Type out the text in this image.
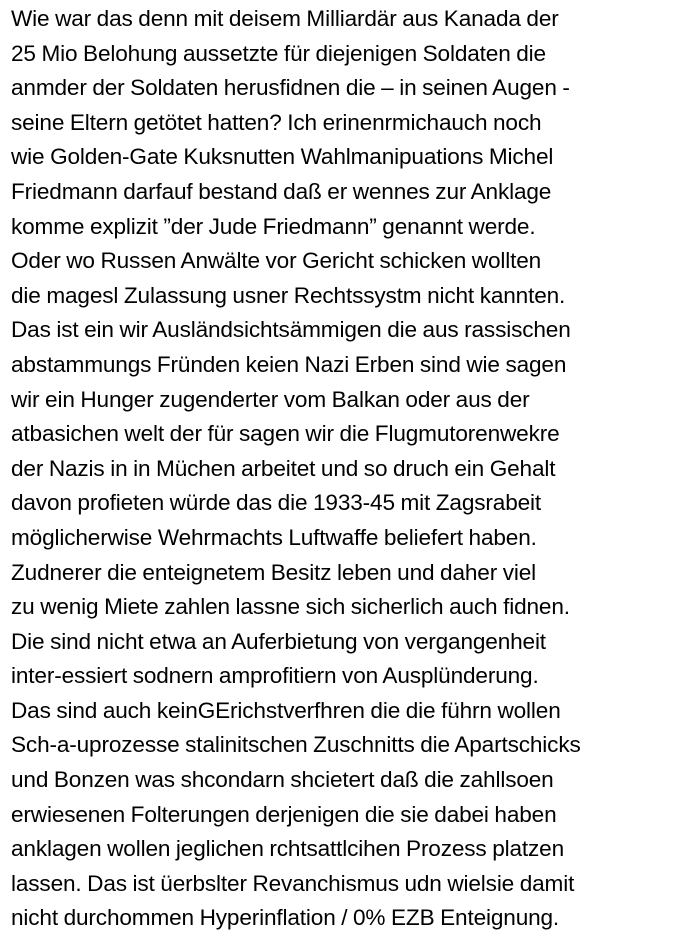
Wie war das denn mit deisem Milliardär aus Kanada der
25 Mio Belohung aussetzte für diejenigen Soldaten die
anmder der Soldaten herusfidnen die – in seinen Augen -
seine Eltern getötet hatten? Ich erinenrmichauch noch
wie Golden-Gate Kuksnutten Wahlmanipuations Michel
Friedmann darfauf bestand daß er wennes zur Anklage
komme explizit ”der Jude Friedmann” genannt werde.
Oder wo Russen Anwälte vor Gericht schicken wollten
die magesl Zulassung usner Rechtssystm nicht kannten.
Das ist ein wir Ausländsichtsämmigen die aus rassischen
abstammungs Fründen keien Nazi Erben sind wie sagen
wir ein Hunger zugenderter vom Balkan oder aus der
atbasichen welt der für sagen wir die Flugmutorenwekre
der Nazis in in Müchen arbeitet und so druch ein Gehalt
davon profieten würde das die 1933-45 mit Zagsrabeit
möglicherwise Wehrmachts Luftwaffe beliefert haben.
Zudnerer die enteignetem Besitz leben und daher viel
zu wenig Miete zahlen lassne sich sicherlich auch fidnen.
Die sind nicht etwa an Auferbietung von vergangenheit
inter-essiert sodnern amprofitiern von Ausplünderung.
Das sind auch keinGErichstverfhren die die führn wollen
Sch-a-uprozesse stalinitschen Zuschnitts die Apartschicks
und Bonzen was shcondarn shcietert daß die zahllsoen
erwiesenen Folterungen derjenigen die sie dabei haben
anklagen wollen jeglichen rchtsattlcihen Prozess platzen
lassen. Das ist üerbslter Revanchismus udn wielsie damit
nicht durchommen Hyperinflation / 0% EZB Enteignung.
